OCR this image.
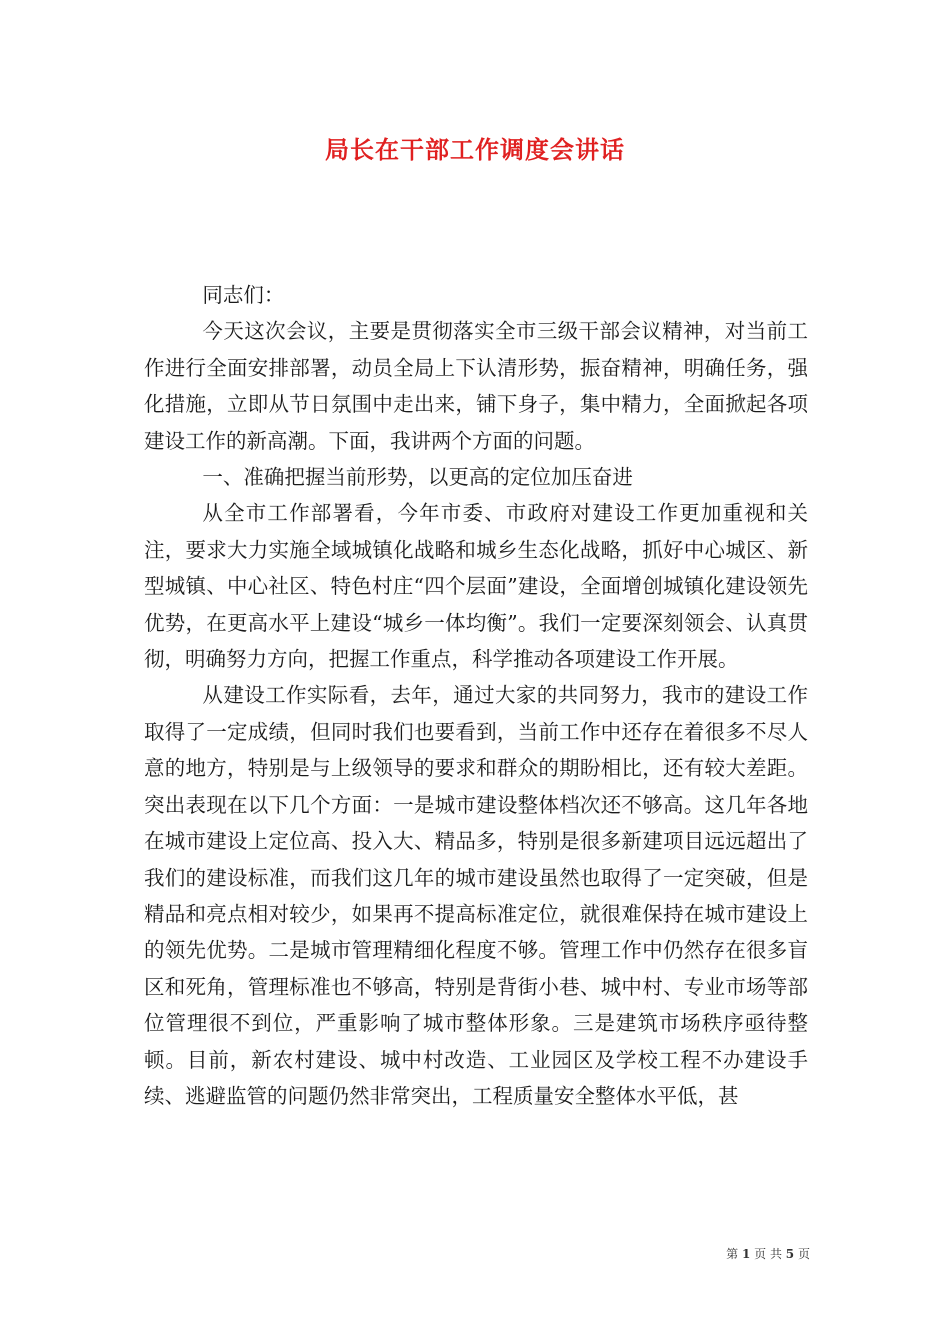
局长在干部工作调度会讲话

同志们：

今天这次会议，主要是贯彻落实全市三级干部会议精神，对当前工作进行全面安排部署，动员全局上下认清形势，振奋精神，明确任务，强化措施，立即从节日氛围中走出来，铺下身子，集中精力，全面掀起各项建设工作的新高潮。下面，我讲两个方面的问题。

一、准确把握当前形势，以更高的定位加压奋进

从全市工作部署看，今年市委、市政府对建设工作更加重视和关注，要求大力实施全域城镇化战略和城乡生态化战略，抓好中心城区、新型城镇、中心社区、特色村庄“四个层面”建设，全面增创城镇化建设领先优势，在更高水平上建设“城乡一体均衡”。我们一定要深刻领会、认真贯彻，明确努力方向，把握工作重点，科学推动各项建设工作开展。

从建设工作实际看，去年，通过大家的共同努力，我市的建设工作取得了一定成绩，但同时我们也要看到，当前工作中还存在着很多不尽人意的地方，特别是与上级领导的要求和群众的期盼相比，还有较大差距。突出表现在以下几个方面：一是城市建设整体档次还不够高。这几年各地在城市建设上定位高、投入大、精品多，特别是很多新建项目远远超出了我们的建设标准，而我们这几年的城市建设虽然也取得了一定突破，但是精品和亮点相对较少，如果再不提高标准定位，就很难保持在城市建设上的领先优势。二是城市管理精细化程度不够。管理工作中仍然存在很多盲区和死角，管理标准也不够高，特别是背街小巷、城中村、专业市场等部位管理很不到位，严重影响了城市整体形象。三是建筑市场秩序亟待整顿。目前，新农村建设、城中村改造、工业园区及学校工程不办建设手续、逃避监管的问题仍然非常突出，工程质量安全整体水平低，甚

第 1 页 共 5 页
